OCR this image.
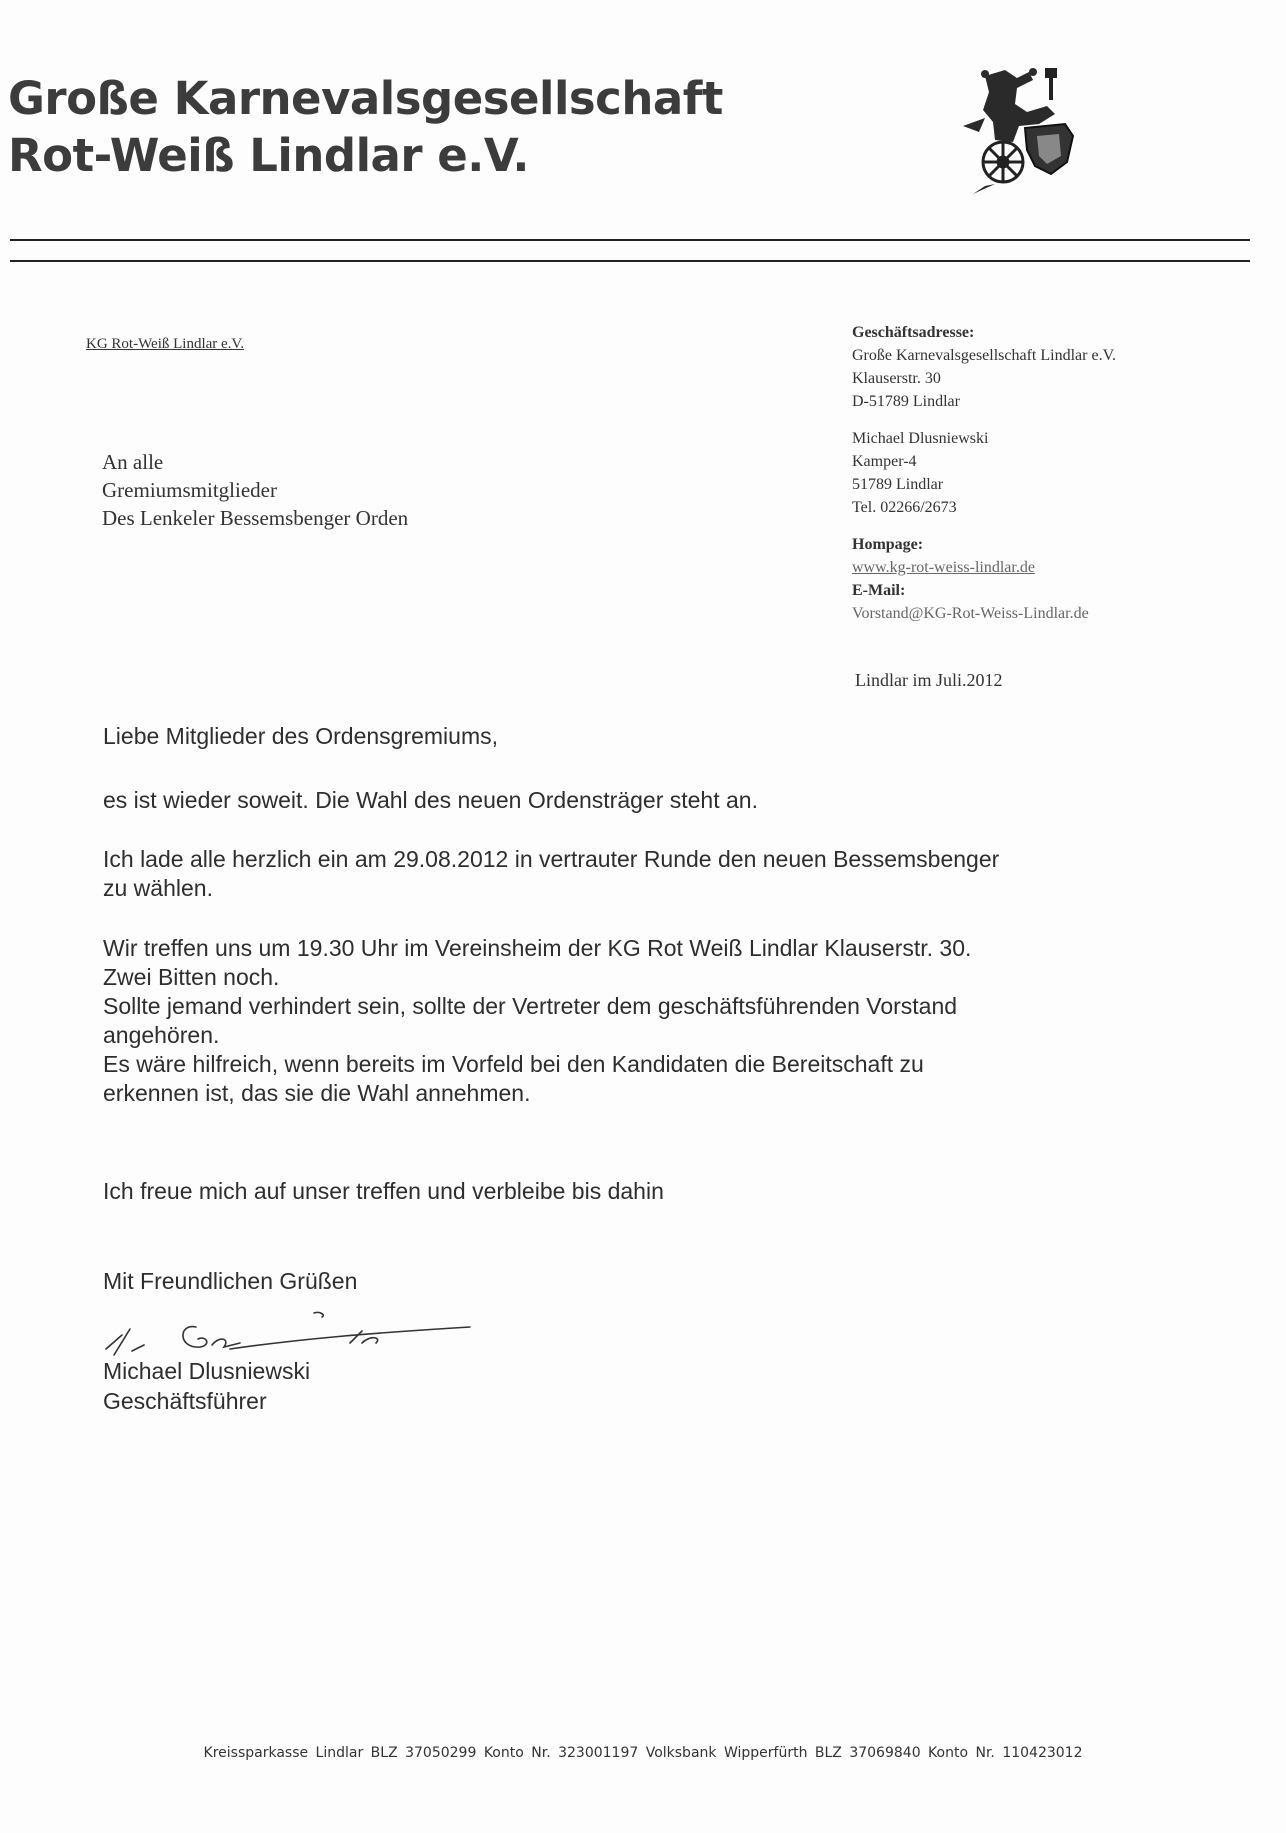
Große Karnevalsgesellschaft
Rot-Weiß Lindlar e.V.
KG Rot-Weiß Lindlar e.V.
An alle
Gremiumsmitglieder
Des Lenkeler Bessemsbenger Orden
Geschäftsadresse:
Große Karnevalsgesellschaft Lindlar e.V.
Klauserstr. 30
D-51789 Lindlar
Michael Dlusniewski
Kamper-4
51789 Lindlar
Tel. 02266/2673
Hompage:
www.kg-rot-weiss-lindlar.de
E-Mail:
Vorstand@KG-Rot-Weiss-Lindlar.de
Lindlar im Juli.2012
Liebe Mitglieder des Ordensgremiums,
es ist wieder soweit. Die Wahl des neuen Ordensträger steht an.
Ich lade alle herzlich ein am 29.08.2012 in vertrauter Runde den neuen Bessemsbenger
zu wählen.
Wir treffen uns um 19.30 Uhr im Vereinsheim der KG Rot Weiß Lindlar Klauserstr. 30.
Zwei Bitten noch.
Sollte jemand verhindert sein, sollte der Vertreter dem geschäftsführenden Vorstand
angehören.
Es wäre hilfreich, wenn bereits im Vorfeld bei den Kandidaten die Bereitschaft zu
erkennen ist, das sie die Wahl annehmen.
Ich freue mich auf unser treffen und verbleibe bis dahin
Mit Freundlichen Grüßen
Michael Dlusniewski
Geschäftsführer
Kreissparkasse Lindlar BLZ 37050299 Konto Nr. 323001197 Volksbank Wipperfürth BLZ 37069840 Konto Nr. 110423012
